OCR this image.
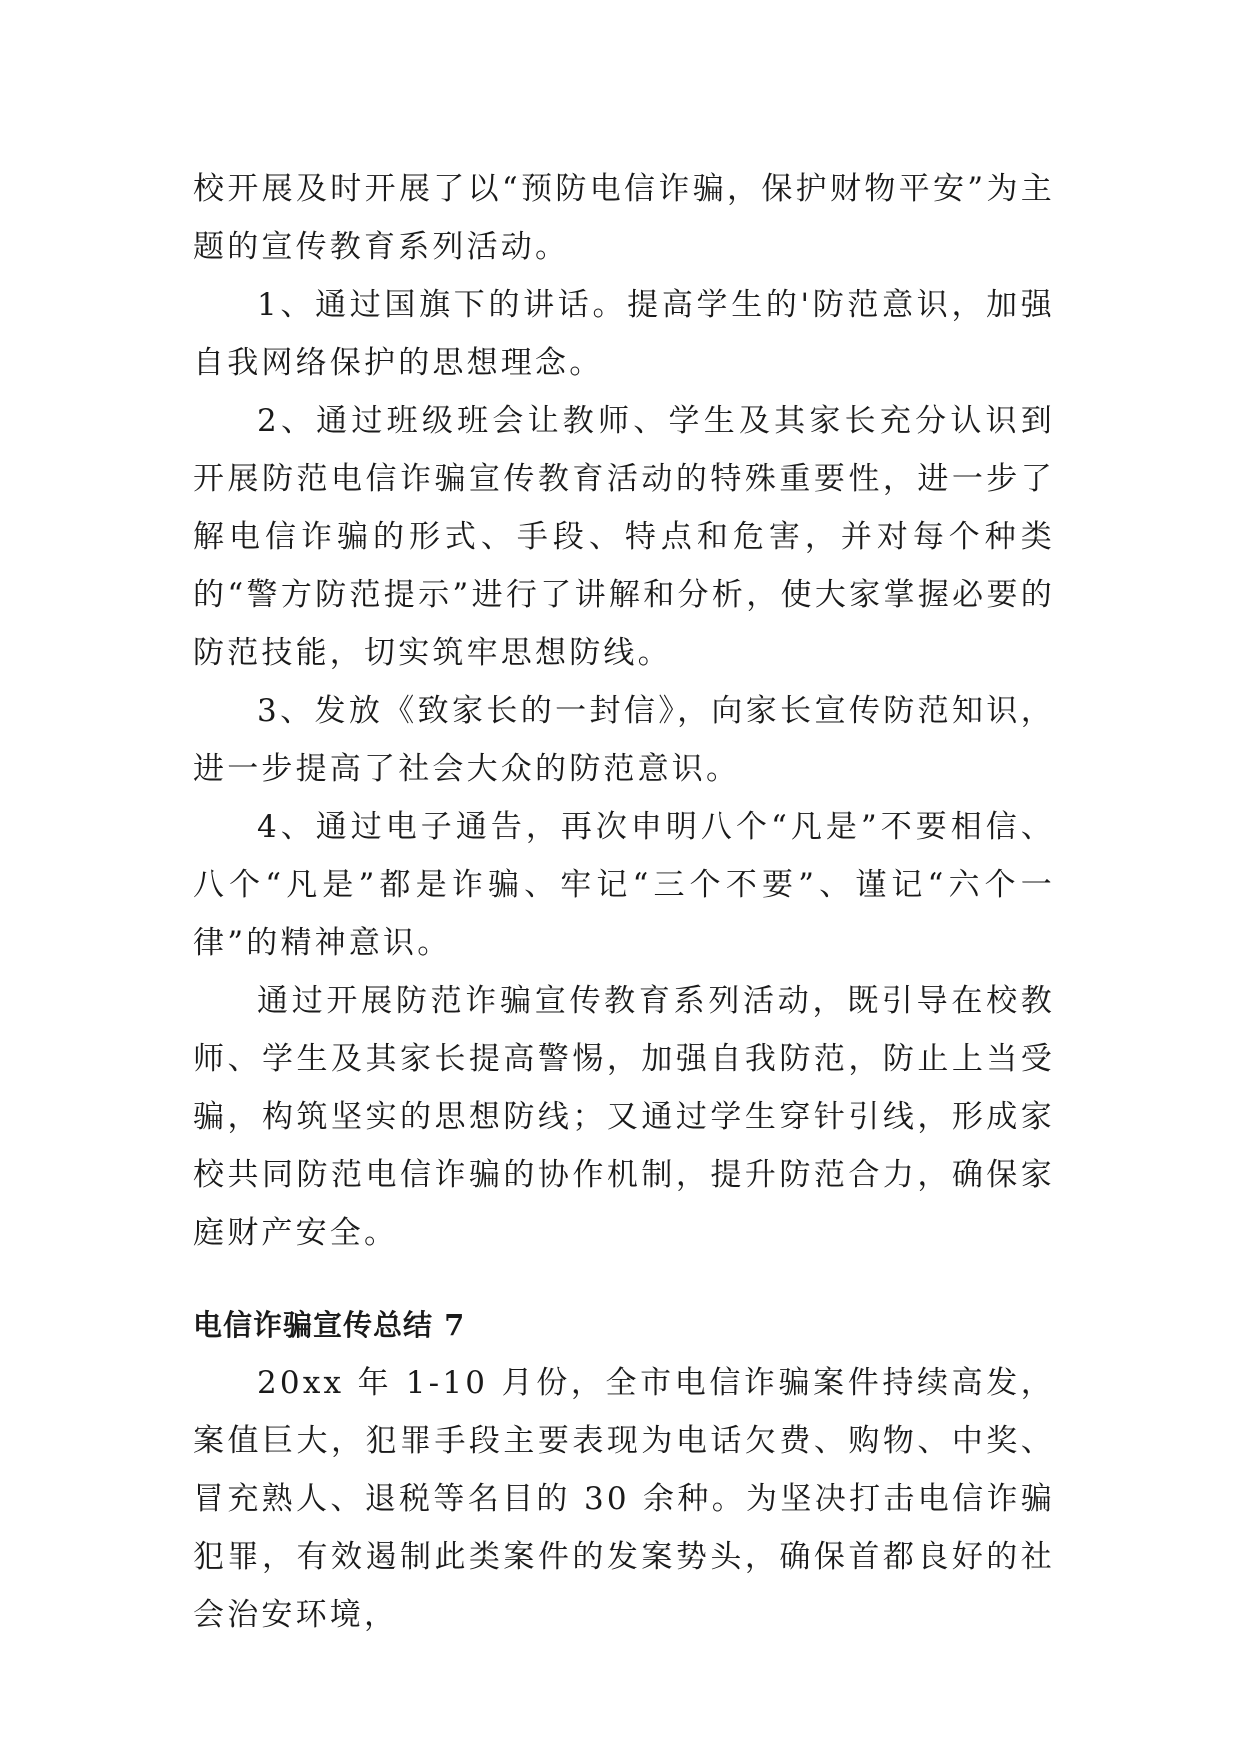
校开展及时开展了以“预防电信诈骗，保护财物平安”为主题的宣传教育系列活动。

1、通过国旗下的讲话。提高学生的'防范意识，加强自我网络保护的思想理念。

2、通过班级班会让教师、学生及其家长充分认识到开展防范电信诈骗宣传教育活动的特殊重要性，进一步了解电信诈骗的形式、手段、特点和危害，并对每个种类的“警方防范提示”进行了讲解和分析，使大家掌握必要的防范技能，切实筑牢思想防线。

3、发放《致家长的一封信》，向家长宣传防范知识，进一步提高了社会大众的防范意识。

4、通过电子通告，再次申明八个“凡是”不要相信、八个“凡是”都是诈骗、牢记“三个不要”、谨记“六个一律”的精神意识。

通过开展防范诈骗宣传教育系列活动，既引导在校教师、学生及其家长提高警惕，加强自我防范，防止上当受骗，构筑坚实的思想防线；又通过学生穿针引线，形成家校共同防范电信诈骗的协作机制，提升防范合力，确保家庭财产安全。

电信诈骗宣传总结 7

20xx 年 1-10 月份，全市电信诈骗案件持续高发，案值巨大，犯罪手段主要表现为电话欠费、购物、中奖、冒充熟人、退税等名目的 30 余种。为坚决打击电信诈骗犯罪，有效遏制此类案件的发案势头，确保首都良好的社会治安环境，
